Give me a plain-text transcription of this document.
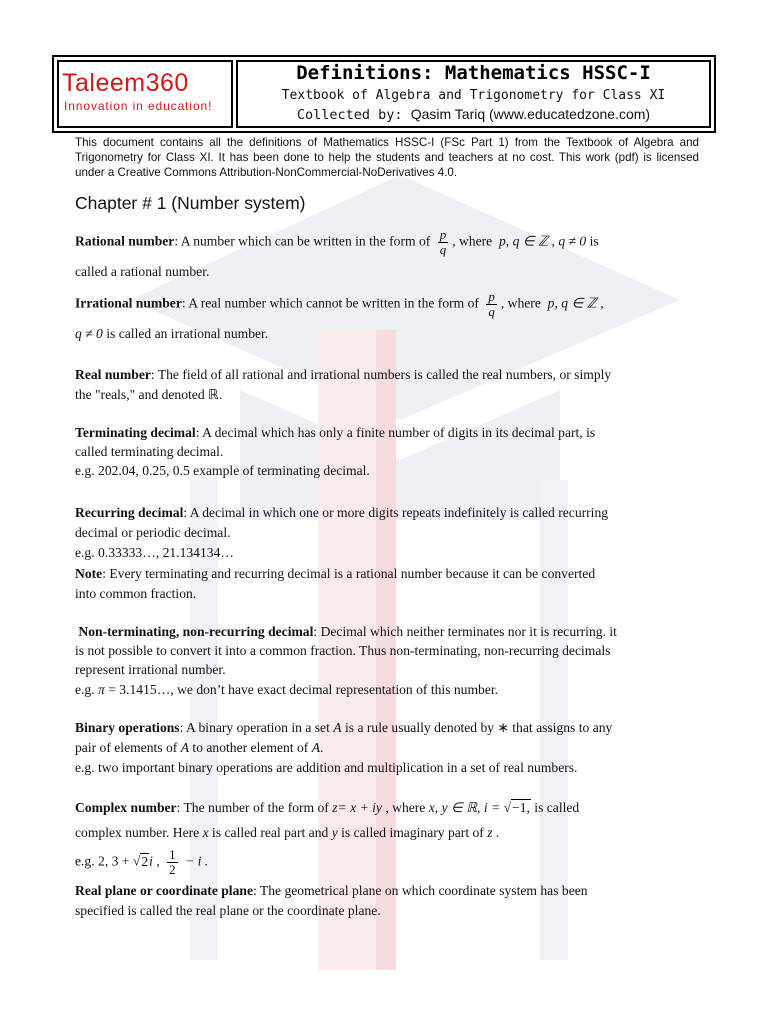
Taleem360
Innovation in education!
Definitions: Mathematics HSSC-I
Textbook of Algebra and Trigonometry for Class XI
Collected by: Qasim Tariq (www.educatedzone.com)
This document contains all the definitions of Mathematics HSSC-I (FSc Part 1) from the Textbook of Algebra and Trigonometry for Class XI. It has been done to help the students and teachers at no cost. This work (pdf) is licensed under a Creative Commons Attribution-NonCommercial-NoDerivatives 4.0.
Chapter # 1 (Number system)
Rational number: A number which can be written in the form of $\frac{p}{q}$ , where p, q ∈ ℤ , q ≠ 0 is
called a rational number.
Irrational number: A real number which cannot be written in the form of $\frac{p}{q}$ , where p, q ∈ ℤ ,
q ≠ 0 is called an irrational number.
Real number: The field of all rational and irrational numbers is called the real numbers, or simply
the "reals," and denoted ℝ.
Terminating decimal: A decimal which has only a finite number of digits in its decimal part, is
called terminating decimal.
e.g. 202.04, 0.25, 0.5 example of terminating decimal.
Recurring decimal: A decimal in which one or more digits repeats indefinitely is called recurring
decimal or periodic decimal.
e.g. 0.33333…, 21.134134…
Note: Every terminating and recurring decimal is a rational number because it can be converted
into common fraction.
Non-terminating, non-recurring decimal: Decimal which neither terminates nor it is recurring. it
is not possible to convert it into a common fraction. Thus non-terminating, non-recurring decimals
represent irrational number.
e.g. π = 3.1415…, we don’t have exact decimal representation of this number.
Binary operations: A binary operation in a set A is a rule usually denoted by ∗ that assigns to any
pair of elements of A to another element of A.
e.g. two important binary operations are addition and multiplication in a set of real numbers.
Complex number: The number of the form of z= x + iy , where x, y ∈ ℝ, i = √−1, is called
complex number. Here x is called real part and y is called imaginary part of z .
e.g. 2, 3 + √2i , $\frac{1}{2} - i$ .
Real plane or coordinate plane: The geometrical plane on which coordinate system has been
specified is called the real plane or the coordinate plane.
